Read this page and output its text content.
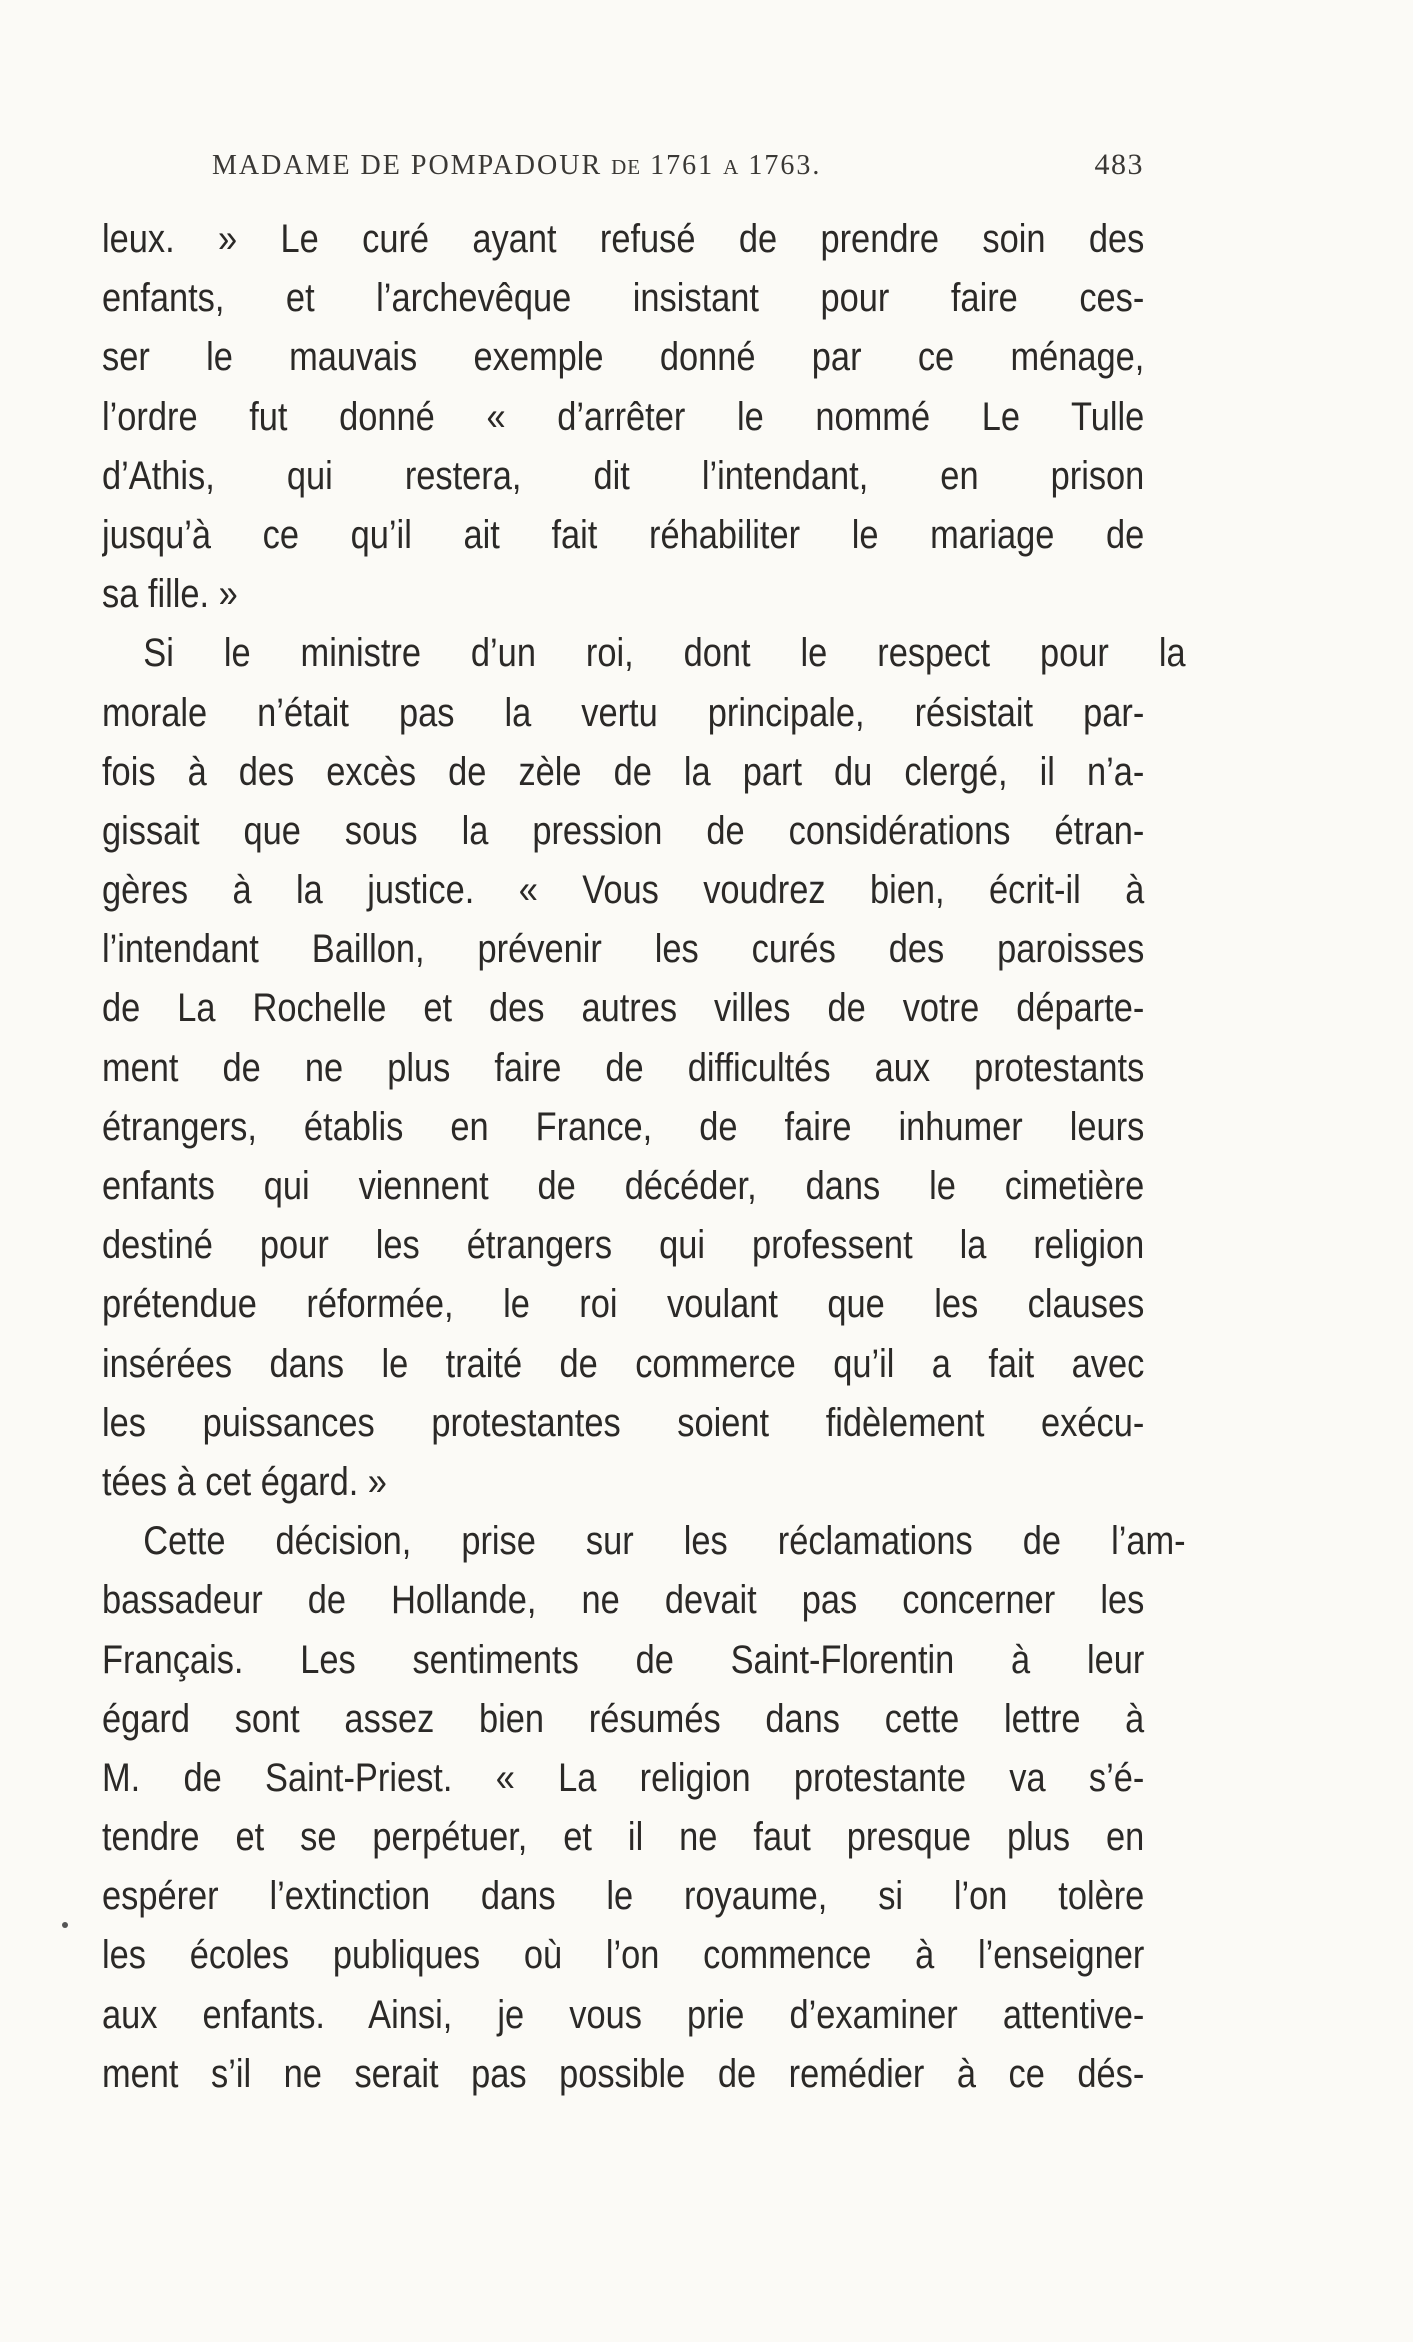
MADAME DE POMPADOUR DE 1761 A 1763.	483
leux. » Le curé ayant refusé de prendre soin des
enfants, et l’archevêque insistant pour faire ces-
ser le mauvais exemple donné par ce ménage,
l’ordre fut donné « d’arrêter le nommé Le Tulle
d’Athis, qui restera, dit l’intendant, en prison
jusqu’à ce qu’il ait fait réhabiliter le mariage de
sa fille. »
Si le ministre d’un roi, dont le respect pour la
morale n’était pas la vertu principale, résistait par-
fois à des excès de zèle de la part du clergé, il n’a-
gissait que sous la pression de considérations étran-
gères à la justice. « Vous voudrez bien, écrit-il à
l’intendant Baillon, prévenir les curés des paroisses
de La Rochelle et des autres villes de votre départe-
ment de ne plus faire de difficultés aux protestants
étrangers, établis en France, de faire inhumer leurs
enfants qui viennent de décéder, dans le cimetière
destiné pour les étrangers qui professent la religion
prétendue réformée, le roi voulant que les clauses
insérées dans le traité de commerce qu’il a fait avec
les puissances protestantes soient fidèlement exécu-
tées à cet égard. »
Cette décision, prise sur les réclamations de l’am-
bassadeur de Hollande, ne devait pas concerner les
Français. Les sentiments de Saint-Florentin à leur
égard sont assez bien résumés dans cette lettre à
M. de Saint-Priest. « La religion protestante va s’é-
tendre et se perpétuer, et il ne faut presque plus en
espérer l’extinction dans le royaume, si l’on tolère
les écoles publiques où l’on commence à l’enseigner
aux enfants. Ainsi, je vous prie d’examiner attentive-
ment s’il ne serait pas possible de remédier à ce dés-
